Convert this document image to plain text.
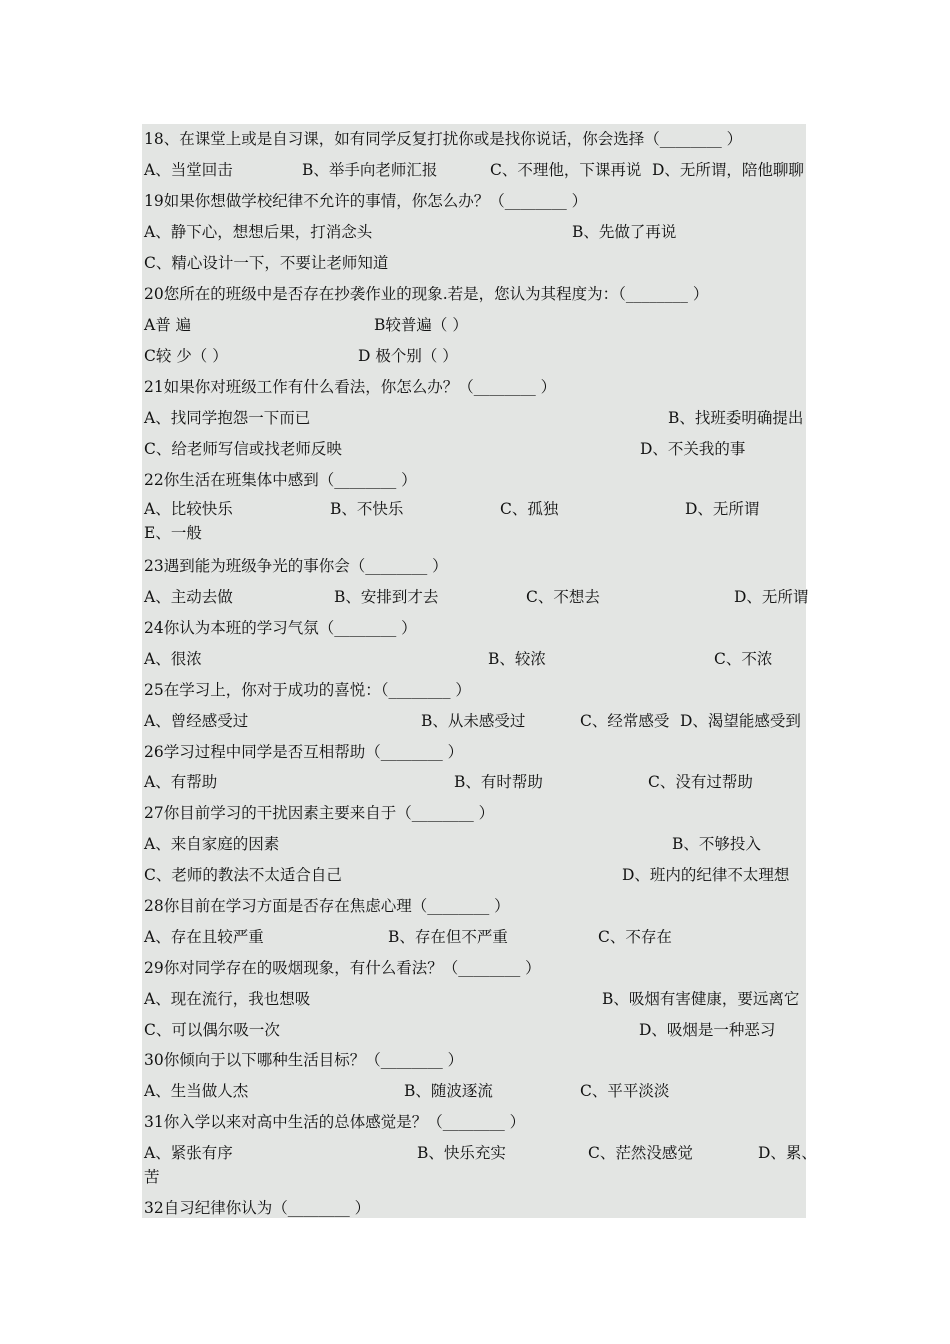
18、在课堂上或是自习课，如有同学反复打扰你或是找你说话，你会选择（________ ）
A、当堂回击	B、举手向老师汇报	C、不理他，下课再说 D、无所谓，陪他聊聊
19如果你想做学校纪律不允许的事情，你怎么办？（________ ）
A、静下心，想想后果，打消念头	B、先做了再说
C、精心设计一下，不要让老师知道
20您所在的班级中是否存在抄袭作业的现象.若是，您认为其程度为：（________ ）
A普 遍	B较普遍（ ）
C较 少（ ）	D 极个别（ ）
21如果你对班级工作有什么看法，你怎么办？（________ ）
A、找同学抱怨一下而已	B、找班委明确提出
C、给老师写信或找老师反映	D、不关我的事
22你生活在班集体中感到（________ ）
A、比较快乐	B、不快乐	C、孤独	D、无所谓
E、一般
23遇到能为班级争光的事你会（________ ）
A、主动去做	B、安排到才去	C、不想去	D、无所谓
24你认为本班的学习气氛（________ ）
A、很浓	B、较浓	C、不浓
25在学习上，你对于成功的喜悦：（________ ）
A、曾经感受过	B、从未感受过	C、经常感受 D、渴望能感受到
26学习过程中同学是否互相帮助（________ ）
A、有帮助	B、有时帮助	C、没有过帮助
27你目前学习的干扰因素主要来自于（________ ）
A、来自家庭的因素	B、不够投入
C、老师的教法不太适合自己	D、班内的纪律不太理想
28你目前在学习方面是否存在焦虑心理（________ ）
A、存在且较严重	B、存在但不严重	C、不存在
29你对同学存在的吸烟现象，有什么看法？（________ ）
A、现在流行，我也想吸	B、吸烟有害健康，要远离它
C、可以偶尔吸一次	D、吸烟是一种恶习
30你倾向于以下哪种生活目标？（________ ）
A、生当做人杰	B、随波逐流	C、平平淡淡
31你入学以来对高中生活的总体感觉是？（________ ）
A、紧张有序	B、快乐充实	C、茫然没感觉	D、累、
苦
32自习纪律你认为（________ ）
